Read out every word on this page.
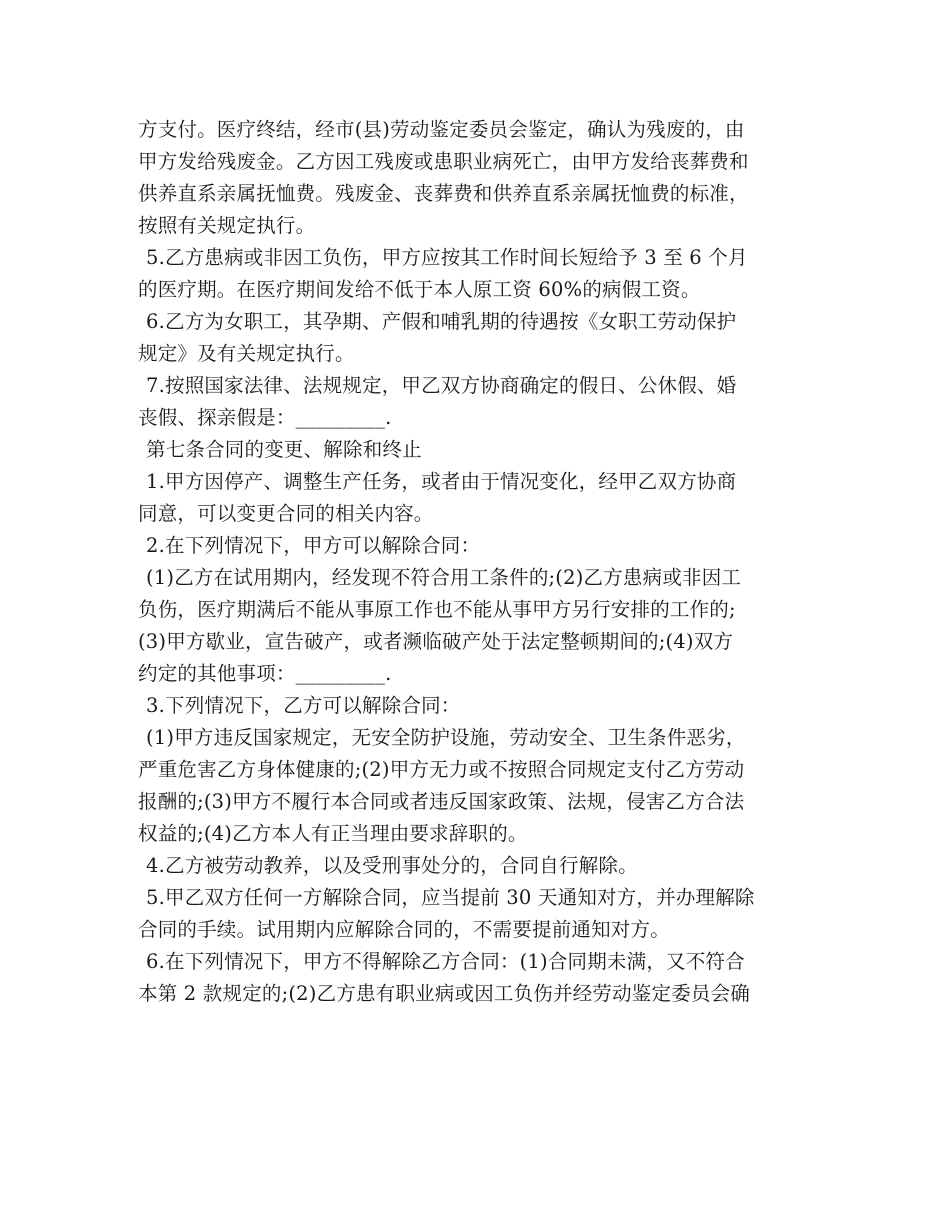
方支付。医疗终结，经市(县)劳动鉴定委员会鉴定，确认为残废的，由
甲方发给残废金。乙方因工残废或患职业病死亡，由甲方发给丧葬费和
供养直系亲属抚恤费。残废金、丧葬费和供养直系亲属抚恤费的标准，
按照有关规定执行。
5.乙方患病或非因工负伤，甲方应按其工作时间长短给予 3 至 6 个月
的医疗期。在医疗期间发给不低于本人原工资 60%的病假工资。
6.乙方为女职工，其孕期、产假和哺乳期的待遇按《女职工劳动保护
规定》及有关规定执行。
7.按照国家法律、法规规定，甲乙双方协商确定的假日、公休假、婚
丧假、探亲假是：_________.
第七条合同的变更、解除和终止
1.甲方因停产、调整生产任务，或者由于情况变化，经甲乙双方协商
同意，可以变更合同的相关内容。
2.在下列情况下，甲方可以解除合同：
(1)乙方在试用期内，经发现不符合用工条件的;(2)乙方患病或非因工
负伤，医疗期满后不能从事原工作也不能从事甲方另行安排的工作的;
(3)甲方歇业，宣告破产，或者濒临破产处于法定整顿期间的;(4)双方
约定的其他事项：_________.
3.下列情况下，乙方可以解除合同：
(1)甲方违反国家规定，无安全防护设施，劳动安全、卫生条件恶劣，
严重危害乙方身体健康的;(2)甲方无力或不按照合同规定支付乙方劳动
报酬的;(3)甲方不履行本合同或者违反国家政策、法规，侵害乙方合法
权益的;(4)乙方本人有正当理由要求辞职的。
4.乙方被劳动教养，以及受刑事处分的，合同自行解除。
5.甲乙双方任何一方解除合同，应当提前 30 天通知对方，并办理解除
合同的手续。试用期内应解除合同的，不需要提前通知对方。
6.在下列情况下，甲方不得解除乙方合同：(1)合同期未满，又不符合
本第 2 款规定的;(2)乙方患有职业病或因工负伤并经劳动鉴定委员会确
